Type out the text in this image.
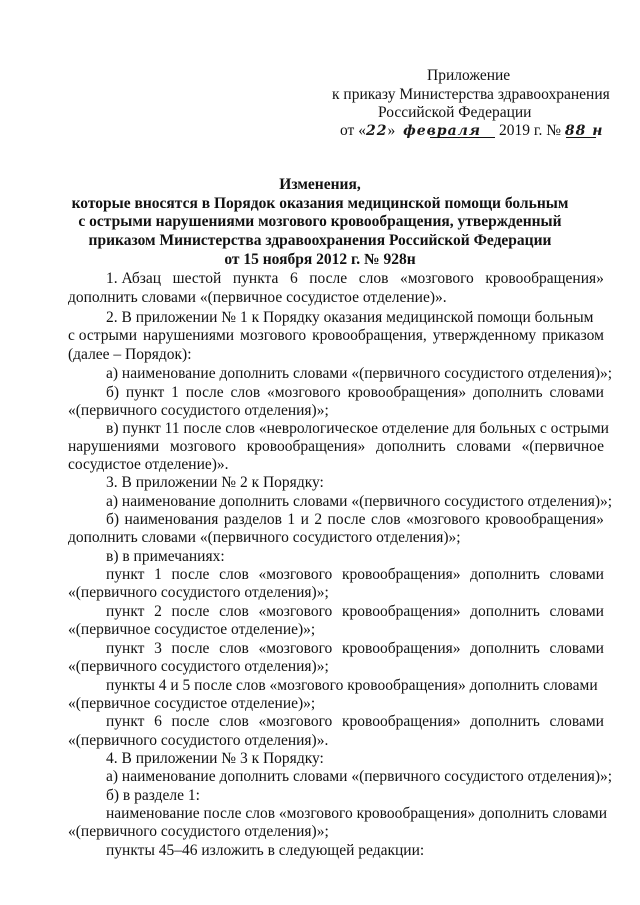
Приложение
к приказу Министерства здравоохранения
Российской Федерации
от «22» февраля 2019 г. № 88 н
Изменения,
которые вносятся в Порядок оказания медицинской помощи больным
с острыми нарушениями мозгового кровообращения, утвержденный
приказом Министерства здравоохранения Российской Федерации
от 15 ноября 2012 г. № 928н
1. Абзац шестой пункта 6 после слов «мозгового кровообращения»
дополнить словами «(первичное сосудистое отделение)».
2. В приложении № 1 к Порядку оказания медицинской помощи больным
с острыми нарушениями мозгового кровообращения, утвержденному приказом
(далее – Порядок):
а) наименование дополнить словами «(первичного сосудистого отделения)»;
б) пункт 1 после слов «мозгового кровообращения» дополнить словами
«(первичного сосудистого отделения)»;
в) пункт 11 после слов «неврологическое отделение для больных с острыми
нарушениями мозгового кровообращения» дополнить словами «(первичное
сосудистое отделение)».
3. В приложении № 2 к Порядку:
а) наименование дополнить словами «(первичного сосудистого отделения)»;
б) наименования разделов 1 и 2 после слов «мозгового кровообращения»
дополнить словами «(первичного сосудистого отделения)»;
в) в примечаниях:
пункт 1 после слов «мозгового кровообращения» дополнить словами
«(первичного сосудистого отделения)»;
пункт 2 после слов «мозгового кровообращения» дополнить словами
«(первичное сосудистое отделение)»;
пункт 3 после слов «мозгового кровообращения» дополнить словами
«(первичного сосудистого отделения)»;
пункты 4 и 5 после слов «мозгового кровообращения» дополнить словами
«(первичное сосудистое отделение)»;
пункт 6 после слов «мозгового кровообращения» дополнить словами
«(первичного сосудистого отделения)».
4. В приложении № 3 к Порядку:
а) наименование дополнить словами «(первичного сосудистого отделения)»;
б) в разделе 1:
наименование после слов «мозгового кровообращения» дополнить словами
«(первичного сосудистого отделения)»;
пункты 45–46 изложить в следующей редакции:
